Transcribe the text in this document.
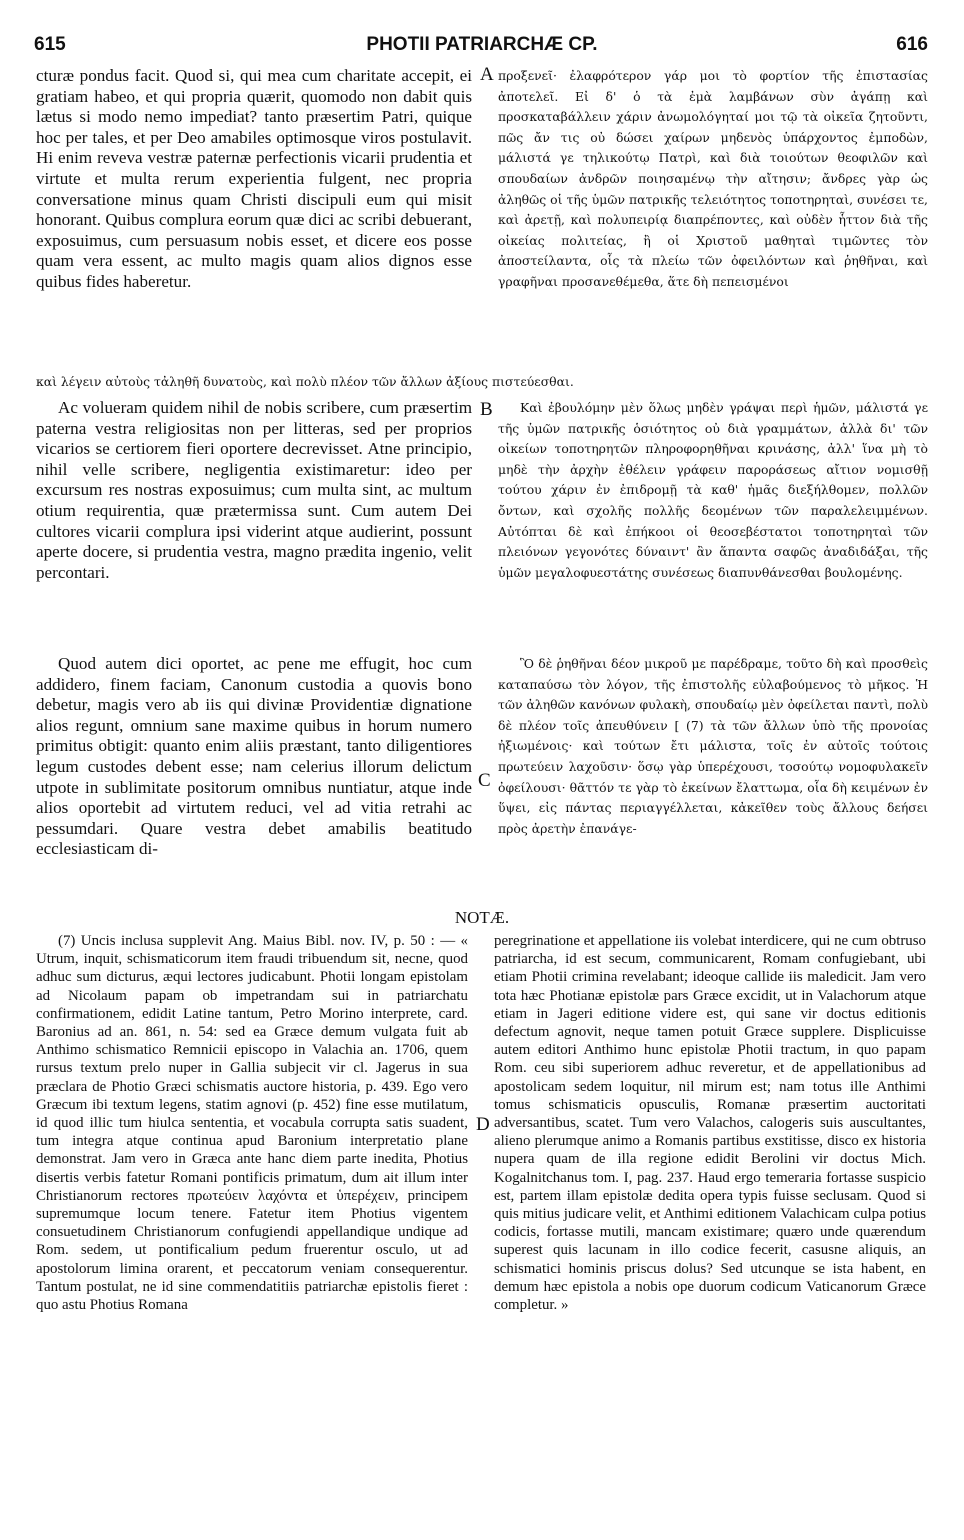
615	PHOTII PATRIARCHÆ CP.	616

cturæ pondus facit. Quod si, qui mea cum charitate accepit, ei gratiam habeo, et qui propria quærit, quomodo non dabit quis lætus si modo nemo impediat? tanto præsertim Patri, quique hoc per tales, et per Deo amabiles optimosque viros postulavit. Hi enim reveva vestræ paternæ perfectionis vicarii prudentia et virtute et multa rerum experientia fulgent, nec propria conversatione minus quam Christi discipuli eum qui misit honorant. Quibus complura eorum quæ dici ac scribi debuerant, exposuimus, cum persuasum nobis esset, et dicere eos posse quam vera essent, ac multo magis quam alios dignos esse quibus fides haberetur.

Ac volueram quidem nihil de nobis scribere, cum præsertim paterna vestra religiositas non per litteras, sed per proprios vicarios se certiorem fieri oportere decrevisset. Atne principio, nihil velle scribere, negligentia existimaretur: ideo per excursum res nostras exposuimus; cum multa sint, ac multum otium requirentia, quæ prætermissa sunt. Cum autem Dei cultores vicarii complura ipsi viderint atque audierint, possunt aperte docere, si prudentia vestra, magno prædita ingenio, velit percontari.

Quod autem dici oportet, ac pene me effugit, hoc cum addidero, finem faciam, Canonum custodia a quovis bono debetur, magis vero ab iis qui divinæ Providentiæ dignatione alios regunt, omnium sane maxime quibus in horum numero primitus obtigit: quanto enim aliis præstant, tanto diligentiores legum custodes debent esse; nam celerius illorum delictum utpote in sublimitate positorum omnibus nuntiatur, atque inde alios oportebit ad virtutem reduci, vel ad vitia retrahi ac pessumdari. Quare vestra debet amabilis beatitudo ecclesiasticam di-

προξενεῖ· ἐλαφρότερον γάρ μοι τὸ φορτίον τῆς ἐπιστασίας ἀποτελεῖ. Εἰ δ' ὁ τὰ ἐμὰ λαμβάνων σὺν ἀγάπῃ καὶ προσκαταβάλλειν χάριν ἀνωμολόγηταί μοι τῷ τὰ οἰκεῖα ζητοῦντι, πῶς ἄν τις οὐ δώσει χαίρων μηδενὸς ὑπάρχοντος ἐμποδὼν, μάλιστά γε τηλικούτῳ Πατρὶ, καὶ διὰ τοιούτων θεοφιλῶν καὶ σπουδαίων ἀνδρῶν ποιησαμένῳ τὴν αἴτησιν; ἄνδρες γὰρ ὡς ἀληθῶς οἱ τῆς ὑμῶν πατρικῆς τελειότητος τοποτηρηταὶ, συνέσει τε, καὶ ἀρετῇ, καὶ πολυπειρίᾳ διαπρέποντες, καὶ οὐδὲν ἧττον διὰ τῆς οἰκείας πολιτείας, ἢ οἱ Χριστοῦ μαθηταὶ τιμῶντες τὸν ἀποστείλαντα, οἷς τὰ πλείω τῶν ὀφειλόντων καὶ ῥηθῆναι, καὶ γραφῆναι προσανεθέμεθα, ἅτε δὴ πεπεισμένοι

Καὶ ἐβουλόμην μὲν ὅλως μηδὲν γράψαι περὶ ἡμῶν, μάλιστά γε τῆς ὑμῶν πατρικῆς ὁσιότητος οὐ διὰ γραμμάτων, ἀλλὰ δι' τῶν οἰκείων τοποτηρητῶν πληροφορηθῆναι κρινάσης, ἀλλ' ἵνα μὴ τὸ μηδὲ τὴν ἀρχὴν ἐθέλειν γράφειν παροράσεως αἴτιον νομισθῇ τούτου χάριν ἐν ἐπιδρομῇ τὰ καθ' ἡμᾶς διεξήλθομεν, πολλῶν ὄντων, καὶ σχολῆς πολλῆς δεομένων τῶν παραλελειμμένων. Αὐτόπται δὲ καὶ ἐπήκοοι οἱ θεοσεβέστατοι τοποτηρηταὶ τῶν πλειόνων γεγονότες δύναιντ' ἂν ἅπαντα σαφῶς ἀναδιδάξαι, τῆς ὑμῶν μεγαλοφυεστάτης συνέσεως διαπυνθάνεσθαι βουλομένης.

Ὃ δὲ ῥηθῆναι δέον μικροῦ με παρέδραμε, τοῦτο δὴ καὶ προσθεὶς καταπαύσω τὸν λόγον, τῆς ἐπιστολῆς εὐλαβούμενος τὸ μῆκος. Ἡ τῶν ἀληθῶν κανόνων φυλακὴ, σπουδαίῳ μὲν ὀφείλεται παντὶ, πολὺ δὲ πλέον τοῖς ἀπευθύνειν [ (7) τὰ τῶν ἄλλων ὑπὸ τῆς προνοίας ἠξιωμένοις· καὶ τούτων ἔτι μάλιστα, τοῖς ἐν αὐτοῖς τούτοις πρωτεύειν λαχοῦσιν· ὅσῳ γὰρ ὑπερέχουσι, τοσούτῳ νομοφυλακεῖν ὀφείλουσι· θᾶττόν τε γὰρ τὸ ἐκείνων ἔλαττωμα, οἷα δὴ κειμένων ἐν ὕψει, εἰς πάντας περιαγγέλλεται, κἀκεῖθεν τοὺς ἄλλους δεήσει πρὸς ἀρετὴν ἐπανάγε-

καὶ λέγειν αὐτοὺς τἀληθῆ δυνατοὺς, καὶ πολὺ πλέον τῶν ἄλλων ἀξίους πιστεύεσθαι.
A
B
C
D
NOTÆ.

(7) Uncis inclusa supplevit Ang. Maius Bibl. nov. IV, p. 50 : — « Utrum, inquit, schismaticorum item fraudi tribuendum sit, necne, quod adhuc sum dicturus, æqui lectores judicabunt. Photii longam epistolam ad Nicolaum papam ob impetrandam sui in patriarchatu confirmationem, edidit Latine tantum, Petro Morino interprete, card. Baronius ad an. 861, n. 54: sed ea Græce demum vulgata fuit ab Anthimo schismatico Remnicii episcopo in Valachia an. 1706, quem rursus textum prelo nuper in Gallia subjecit vir cl. Jagerus in sua præclara de Photio Græci schismatis auctore historia, p. 439. Ego vero Græcum ibi textum legens, statim agnovi (p. 452) fine esse mutilatum, id quod illic tum hiulca sententia, et vocabula corrupta satis suadent, tum integra atque continua apud Baronium interpretatio plane demonstrat. Jam vero in Græca ante hanc diem parte inedita, Photius disertis verbis fatetur Romani pontificis primatum, dum ait illum inter Christianorum rectores πρωτεύειν λαχόντα et ὑπερέχειν, principem supremumque locum tenere. Fatetur item Photius vigentem consuetudinem Christianorum confugiendi appellandique undique ad Rom. sedem, ut pontificalium pedum fruerentur osculo, ut ad apostolorum limina orarent, et peccatorum veniam consequerentur. Tantum postulat, ne id sine commendatitiis patriarchæ epistolis fieret : quo astu Photius Romana

peregrinatione et appellatione iis volebat interdicere, qui ne cum obtruso patriarcha, id est secum, communicarent, Romam confugiebant, ubi etiam Photii crimina revelabant; ideoque callide iis maledicit. Jam vero tota hæc Photianæ epistolæ pars Græce excidit, ut in Valachorum atque etiam in Jageri editione videre est, qui sane vir doctus editionis defectum agnovit, neque tamen potuit Græce supplere. Displicuisse autem editori Anthimo hunc epistolæ Photii tractum, in quo papam Rom. ceu sibi superiorem adhuc reveretur, et de appellationibus ad apostolicam sedem loquitur, nil mirum est; nam totus ille Anthimi tomus schismaticis opusculis, Romanæ præsertim auctoritati adversantibus, scatet. Tum vero Valachos, calogeris suis auscultantes, alieno plerumque animo a Romanis partibus exstitisse, disco ex historia nupera quam de illa regione edidit Berolini vir doctus Mich. Kogalnitchanus tom. I, pag. 237. Haud ergo temeraria fortasse suspicio est, partem illam epistolæ dedita opera typis fuisse seclusam. Quod si quis mitius judicare velit, et Anthimi editionem Valachicam culpa potius codicis, fortasse mutili, mancam existimare; quæro unde quærendum superest quis lacunam in illo codice fecerit, casusne aliquis, an schismatici hominis priscus dolus? Sed utcunque se ista habent, en demum hæc epistola a nobis ope duorum codicum Vaticanorum Græce completur. »
